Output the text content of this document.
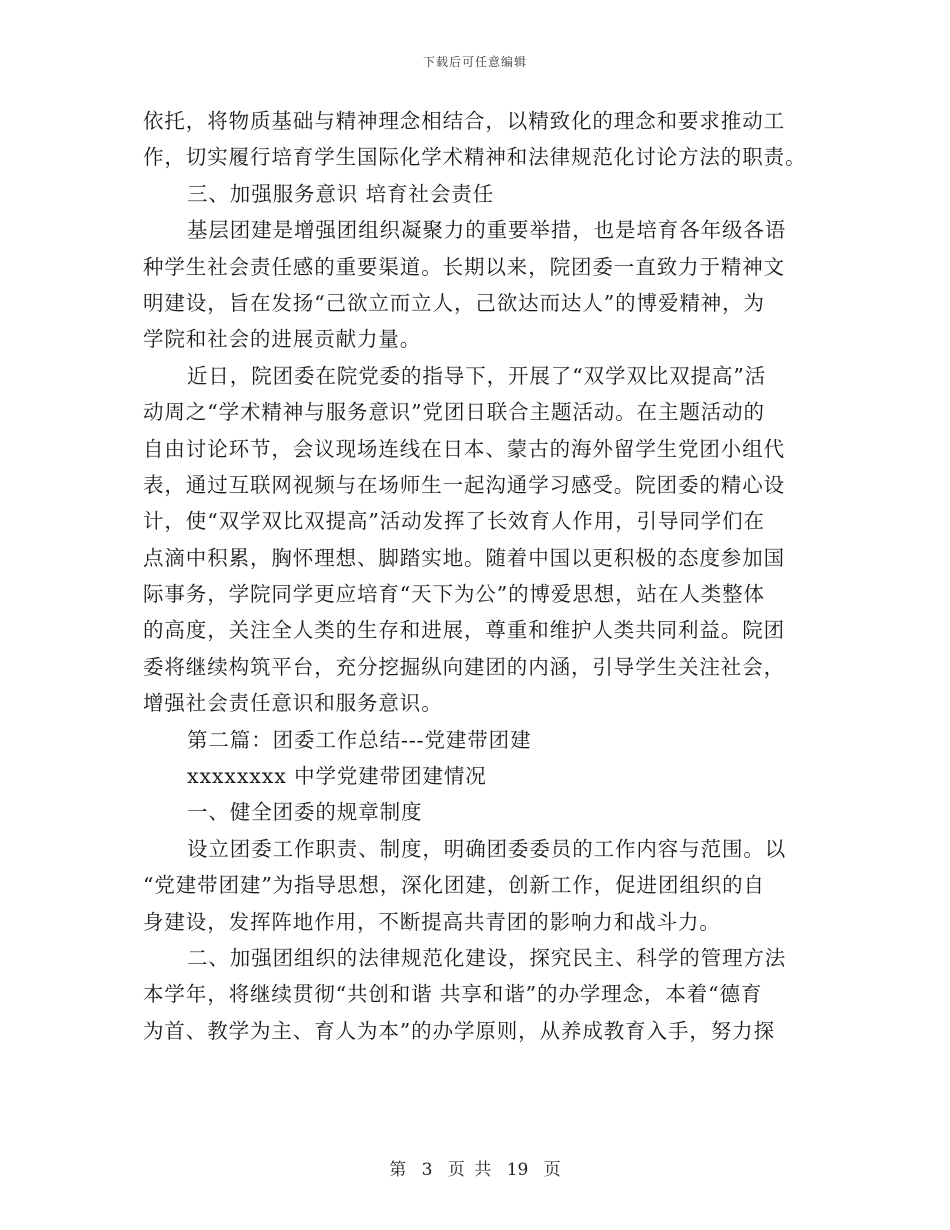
下载后可任意编辑
依托，将物质基础与精神理念相结合，以精致化的理念和要求推动工
作，切实履行培育学生国际化学术精神和法律规范化讨论方法的职责。
三、加强服务意识 培育社会责任
基层团建是增强团组织凝聚力的重要举措，也是培育各年级各语
种学生社会责任感的重要渠道。长期以来，院团委一直致力于精神文
明建设，旨在发扬“己欲立而立人，己欲达而达人”的博爱精神，为
学院和社会的进展贡献力量。
近日，院团委在院党委的指导下，开展了“双学双比双提高”活
动周之“学术精神与服务意识”党团日联合主题活动。在主题活动的
自由讨论环节，会议现场连线在日本、蒙古的海外留学生党团小组代
表，通过互联网视频与在场师生一起沟通学习感受。院团委的精心设
计，使“双学双比双提高”活动发挥了长效育人作用，引导同学们在
点滴中积累，胸怀理想、脚踏实地。随着中国以更积极的态度参加国
际事务，学院同学更应培育“天下为公”的博爱思想，站在人类整体
的高度，关注全人类的生存和进展，尊重和维护人类共同利益。院团
委将继续构筑平台，充分挖掘纵向建团的内涵，引导学生关注社会，
增强社会责任意识和服务意识。
第二篇：团委工作总结---党建带团建
xxxxxxxx 中学党建带团建情况
一、健全团委的规章制度
设立团委工作职责、制度，明确团委委员的工作内容与范围。以
“党建带团建”为指导思想，深化团建，创新工作，促进团组织的自
身建设，发挥阵地作用，不断提高共青团的影响力和战斗力。
二、加强团组织的法律规范化建设，探究民主、科学的管理方法
本学年，将继续贯彻“共创和谐 共享和谐”的办学理念，本着“德育
为首、教学为主、育人为本”的办学原则，从养成教育入手，努力探
第 3 页 共 19 页
